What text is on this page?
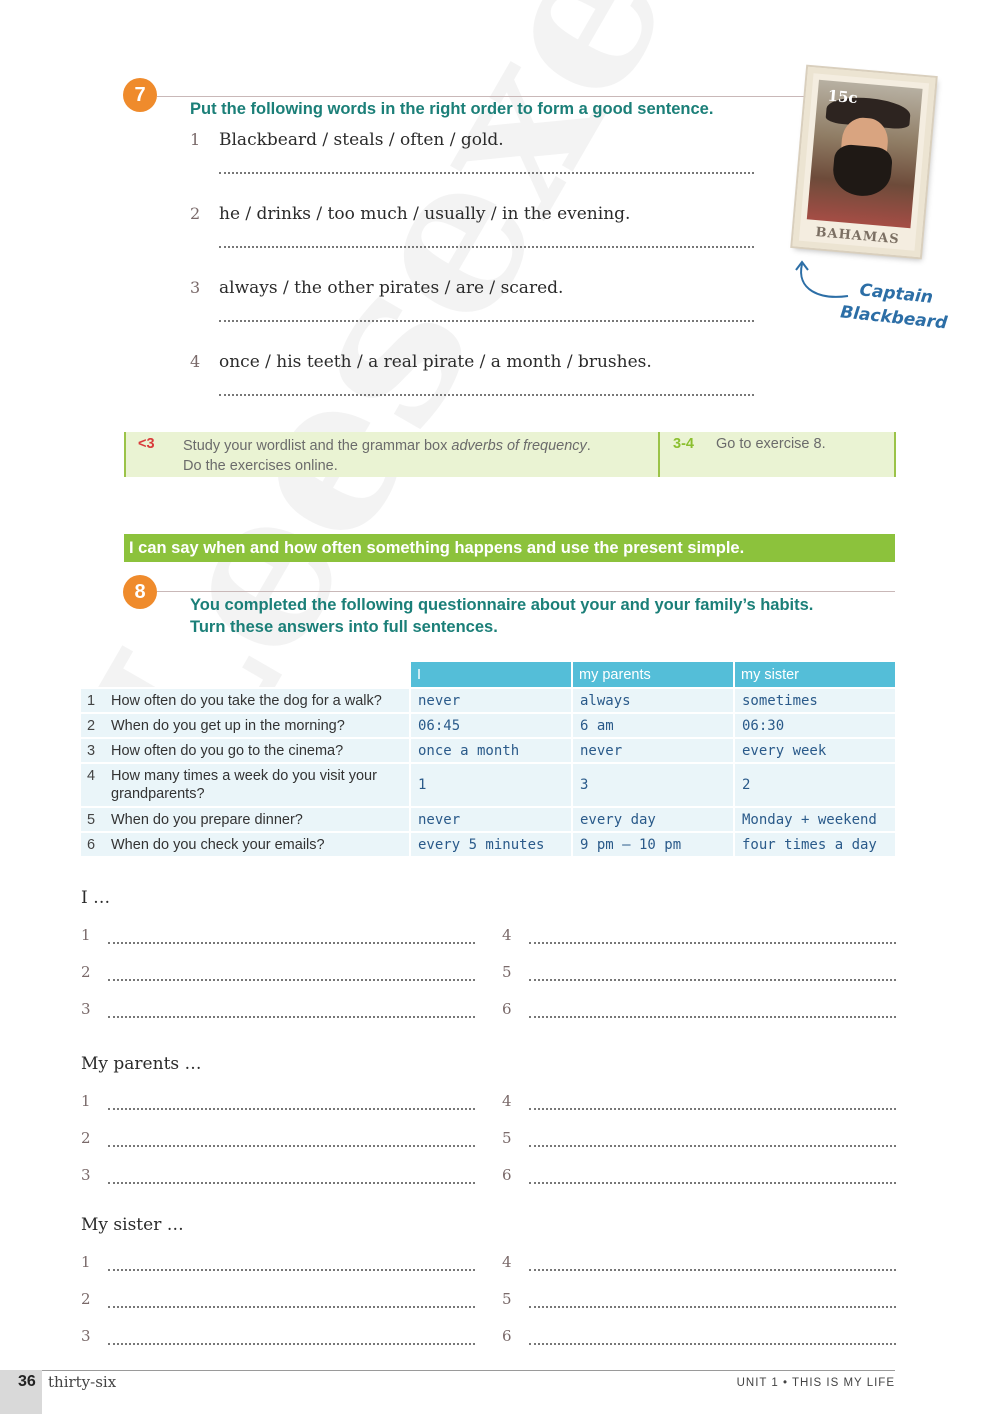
7
Put the following words in the right order to form a good sentence.
1 Blackbeard / steals / often / gold.
2 he / drinks / too much / usually / in the evening.
3 always / the other pirates / are / scared.
4 once / his teeth / a real pirate / a month / brushes.
15c
BAHAMAS
Captain
Blackbeard
<3 Study your wordlist and the grammar box adverbs of frequency.
Do the exercises online.
3-4 Go to exercise 8.
I can say when and how often something happens and use the present simple.
8
You completed the following questionnaire about your and your family’s habits.
Turn these answers into full sentences.
		I	my parents	my sister
1	How often do you take the dog for a walk?	never	always	sometimes
2	When do you get up in the morning?	06:45	6 am	06:30
3	How often do you go to the cinema?	once a month	never	every week
4	How many times a week do you visit your grandparents?	1	3	2
5	When do you prepare dinner?	never	every day	Monday + weekend
6	When do you check your emails?	every 5 minutes	9 pm – 10 pm	four times a day
I …
1
2
3
4
5
6
My parents …
1
2
3
4
5
6
My sister …
1
2
3
4
5
6
36 thirty-six	UNIT 1 • THIS IS MY LIFE
